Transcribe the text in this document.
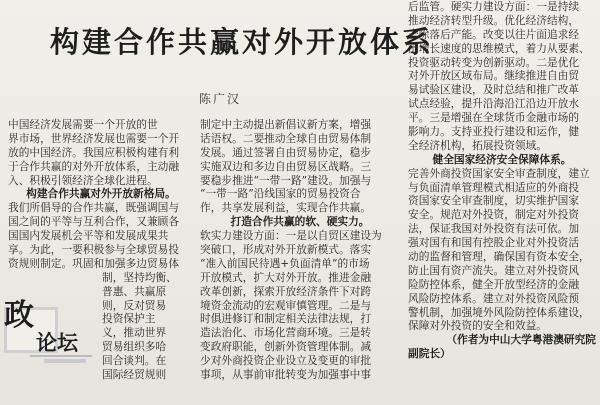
构建合作共赢对外开放体系
陈广汉
中国经济发展需要一个开放的世
界市场，世界经济发展也需要一个开
放的中国经济。我国应积极构建有利
于合作共赢的对外开放体系，主动融
入、积极引领经济全球化进程。
构建合作共赢对外开放新格局。
我们所倡导的合作共赢，既强调国与
国之间的平等与互利合作，又兼顾各
国国内发展机会平等和发展成果共
享。为此，一要积极参与全球贸易投
资规则制定。巩固和加强多边贸易体
制，坚持均衡、
普惠、共赢原
则，反对贸易
投资保护主
义，推动世界
贸易组织多哈
回合谈判。在
国际经贸规则
政
论坛
制定中主动提出新倡议新方案，增强
话语权。二要推动全球自由贸易体制
发展。通过签署自由贸易协定，稳步
实施双边和多边自由贸易区战略。三
要稳步推进“一带一路”建设。加强与
“一带一路”沿线国家的贸易投资合
作，共享发展利益，实现合作共赢。
打造合作共赢的软、硬实力。
软实力建设方面：一是以自贸区建设为
突破口，形成对外开放新模式。落实
“准入前国民待遇+负面清单”的市场
开放模式，扩大对外开放。推进金融
改革创新，探索开放经济条件下对跨
境资金流动的宏观审慎管理。二是与
时俱进修订和制定相关法律法规，打
造法治化、市场化营商环境。三是转
变政府职能，创新外资管理体制。减
少对外商投资企业设立及变更的审批
事项，从事前审批转变为加强事中事
后监管。硬实力建设方面：一是持续
推动经济转型升级。优化经济结构，
去除落后产能。改变以往片面追求经
济增长速度的思维模式，着力从要素、
投资驱动转变为创新驱动。二是优化
对外开放区域布局。继续推进自由贸
易试验区建设，及时总结和推广改革
试点经验，提升沿海沿江沿边开放水
平。三是增强在全球货币金融市场的
影响力。支持亚投行建设和运作，健
全经济机构，拓展投资领域。
健全国家经济安全保障体系。
完善外商投资国家安全审查制度，建立
与负面清单管理模式相适应的外商投
资国家安全审查制度，切实维护国家
安全。规范对外投资，制定对外投资
法，保证我国对外投资有法可依。加
强对国有和国有控股企业对外投资活
动的监督和管理，确保国有资本安全，
防止国有资产流失。建立对外投资风
险防控体系，健全开放型经济的金融
风险防控体系。建立对外投资风险预
警机制，加强境外风险防控体系建设，
保障对外投资的安全和效益。
（作者为中山大学粤港澳研究院
副院长）
